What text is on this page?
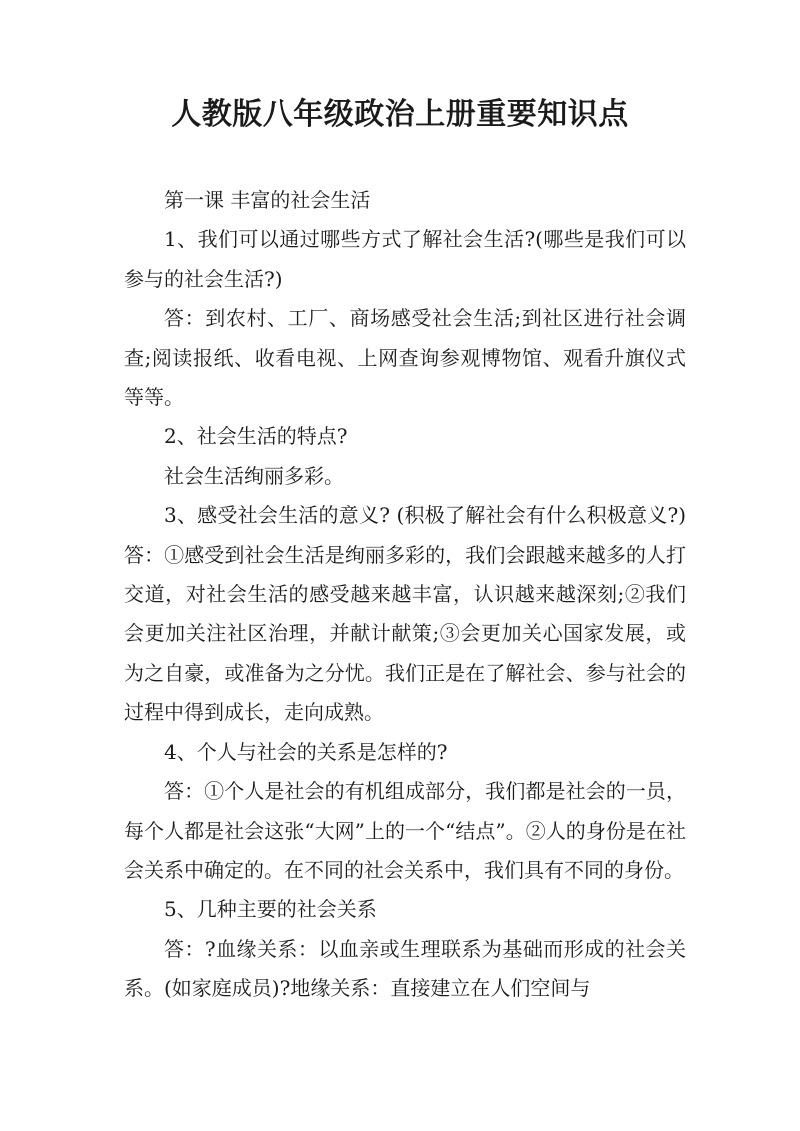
人教版八年级政治上册重要知识点

第一课 丰富的社会生活

1、我们可以通过哪些方式了解社会生活?(哪些是我们可以参与的社会生活?)

答：到农村、工厂、商场感受社会生活;到社区进行社会调查;阅读报纸、收看电视、上网查询参观博物馆、观看升旗仪式等等。

2、社会生活的特点?

社会生活绚丽多彩。

3、感受社会生活的意义? (积极了解社会有什么积极意义?)答：①感受到社会生活是绚丽多彩的，我们会跟越来越多的人打交道，对社会生活的感受越来越丰富，认识越来越深刻;②我们会更加关注社区治理，并献计献策;③会更加关心国家发展，或为之自豪，或准备为之分忧。我们正是在了解社会、参与社会的过程中得到成长，走向成熟。

4、个人与社会的关系是怎样的?

答：①个人是社会的有机组成部分，我们都是社会的一员，每个人都是社会这张“大网”上的一个“结点”。②人的身份是在社会关系中确定的。在不同的社会关系中，我们具有不同的身份。

5、几种主要的社会关系

答：?血缘关系：以血亲或生理联系为基础而形成的社会关系。(如家庭成员)?地缘关系：直接建立在人们空间与
